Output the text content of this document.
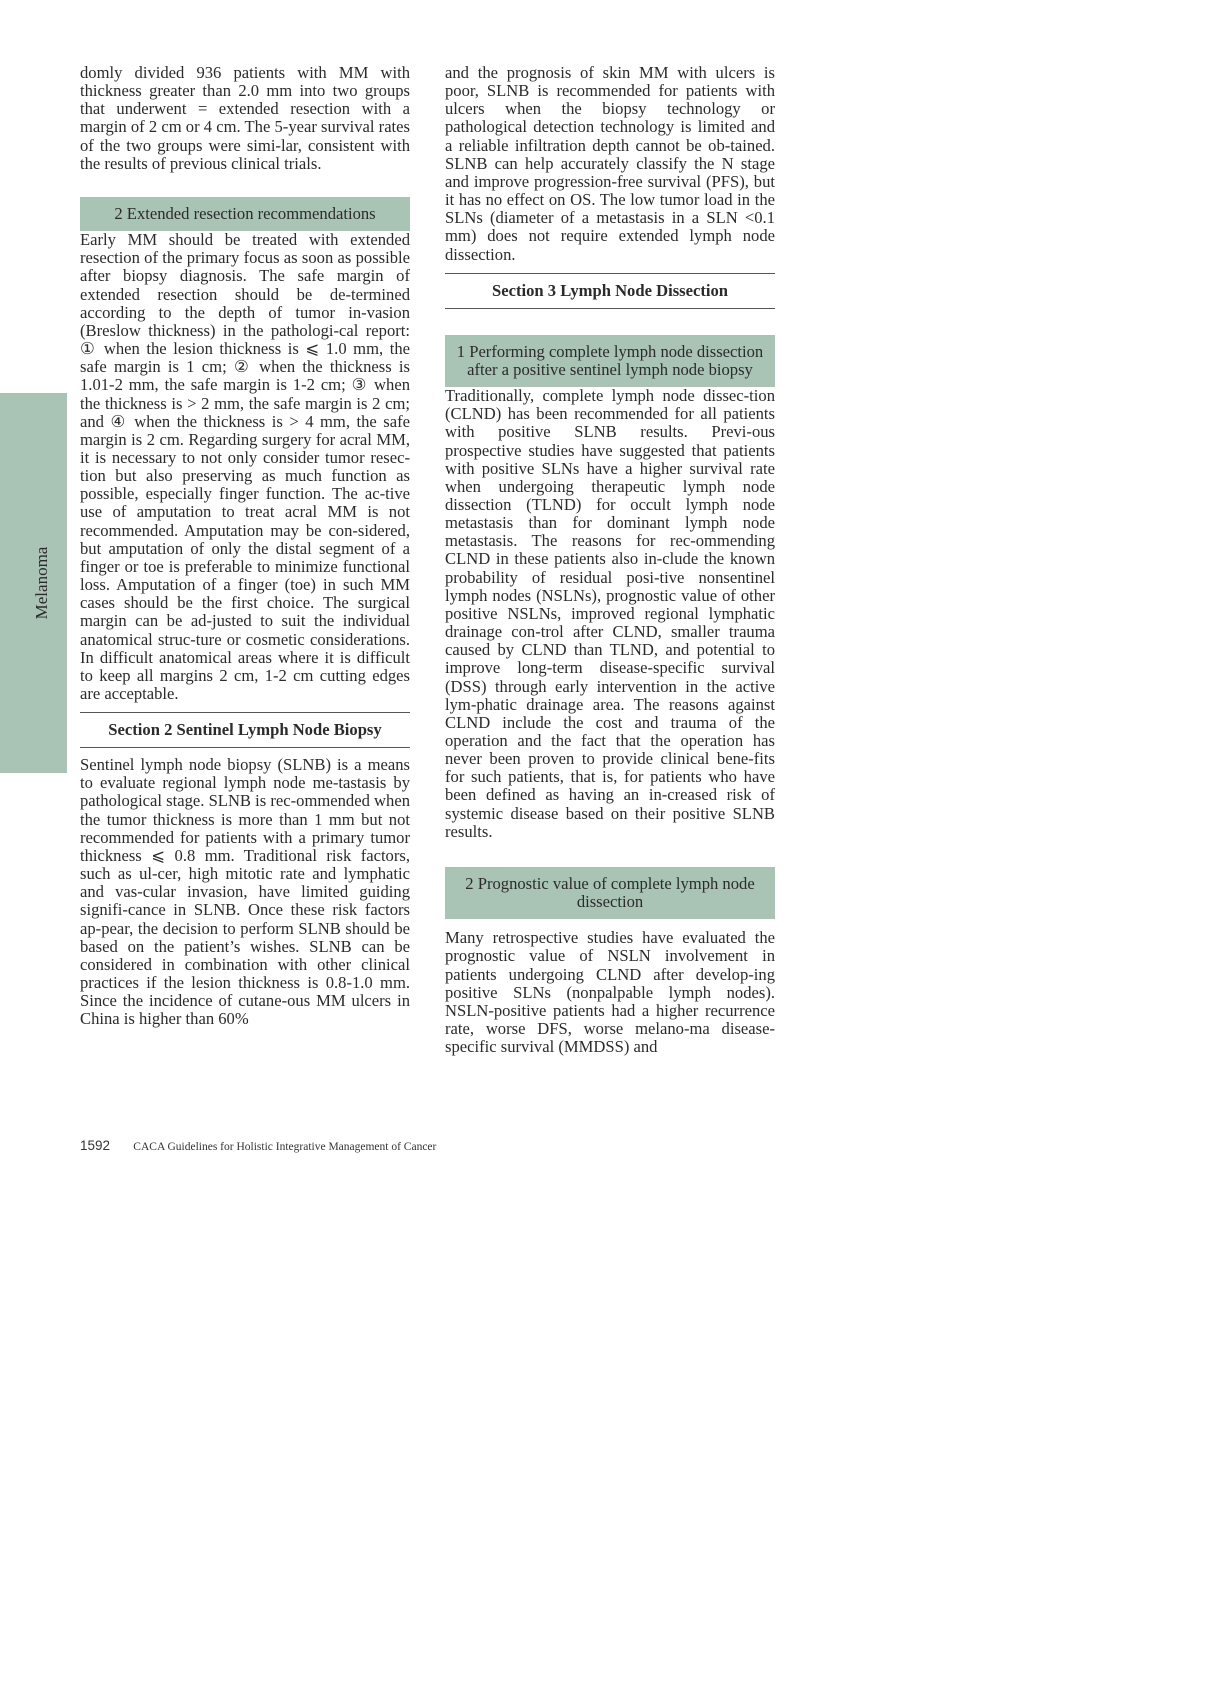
Melanoma

domly divided 936 patients with MM with thickness greater than 2.0 mm into two groups that underwent = extended resection with a margin of 2 cm or 4 cm. The 5-year survival rates of the two groups were simi-lar, consistent with the results of previous clinical trials.

2 Extended resection recommendations

Early MM should be treated with extended resection of the primary focus as soon as possible after biopsy diagnosis. The safe margin of extended resection should be de-termined according to the depth of tumor in-vasion (Breslow thickness) in the pathologi-cal report: ① when the lesion thickness is ⩽ 1.0 mm, the safe margin is 1 cm; ② when the thickness is 1.01-2 mm, the safe margin is 1-2 cm; ③ when the thickness is > 2 mm, the safe margin is 2 cm; and ④ when the thickness is > 4 mm, the safe margin is 2 cm. Regarding surgery for acral MM, it is necessary to not only consider tumor resec-tion but also preserving as much function as possible, especially finger function. The ac-tive use of amputation to treat acral MM is not recommended. Amputation may be con-sidered, but amputation of only the distal segment of a finger or toe is preferable to minimize functional loss. Amputation of a finger (toe) in such MM cases should be the first choice. The surgical margin can be ad-justed to suit the individual anatomical struc-ture or cosmetic considerations. In difficult anatomical areas where it is difficult to keep all margins 2 cm, 1-2 cm cutting edges are acceptable.

Section 2 Sentinel Lymph Node Biopsy

Sentinel lymph node biopsy (SLNB) is a means to evaluate regional lymph node me-tastasis by pathological stage. SLNB is rec-ommended when the tumor thickness is more than 1 mm but not recommended for patients with a primary tumor thickness ⩽ 0.8 mm. Traditional risk factors, such as ul-cer, high mitotic rate and lymphatic and vas-cular invasion, have limited guiding signifi-cance in SLNB. Once these risk factors ap-pear, the decision to perform SLNB should be based on the patient’s wishes. SLNB can be considered in combination with other clinical practices if the lesion thickness is 0.8-1.0 mm. Since the incidence of cutane-ous MM ulcers in China is higher than 60%

and the prognosis of skin MM with ulcers is poor, SLNB is recommended for patients with ulcers when the biopsy technology or pathological detection technology is limited and a reliable infiltration depth cannot be ob-tained. SLNB can help accurately classify the N stage and improve progression-free survival (PFS), but it has no effect on OS. The low tumor load in the SLNs (diameter of a metastasis in a SLN <0.1 mm) does not require extended lymph node dissection.

Section 3 Lymph Node Dissection
1 Performing complete lymph node dissection after a positive sentinel lymph node biopsy

Traditionally, complete lymph node dissec-tion (CLND) has been recommended for all patients with positive SLNB results. Previ-ous prospective studies have suggested that patients with positive SLNs have a higher survival rate when undergoing therapeutic lymph node dissection (TLND) for occult lymph node metastasis than for dominant lymph node metastasis. The reasons for rec-ommending CLND in these patients also in-clude the known probability of residual posi-tive nonsentinel lymph nodes (NSLNs), prognostic value of other positive NSLNs, improved regional lymphatic drainage con-trol after CLND, smaller trauma caused by CLND than TLND, and potential to improve long-term disease-specific survival (DSS) through early intervention in the active lym-phatic drainage area. The reasons against CLND include the cost and trauma of the operation and the fact that the operation has never been proven to provide clinical bene-fits for such patients, that is, for patients who have been defined as having an in-creased risk of systemic disease based on their positive SLNB results.

2 Prognostic value of complete lymph node dissection

Many retrospective studies have evaluated the prognostic value of NSLN involvement in patients undergoing CLND after develop-ing positive SLNs (nonpalpable lymph nodes). NSLN-positive patients had a higher recurrence rate, worse DFS, worse melano-ma disease-specific survival (MMDSS) and

1592 CACA Guidelines for Holistic Integrative Management of Cancer
